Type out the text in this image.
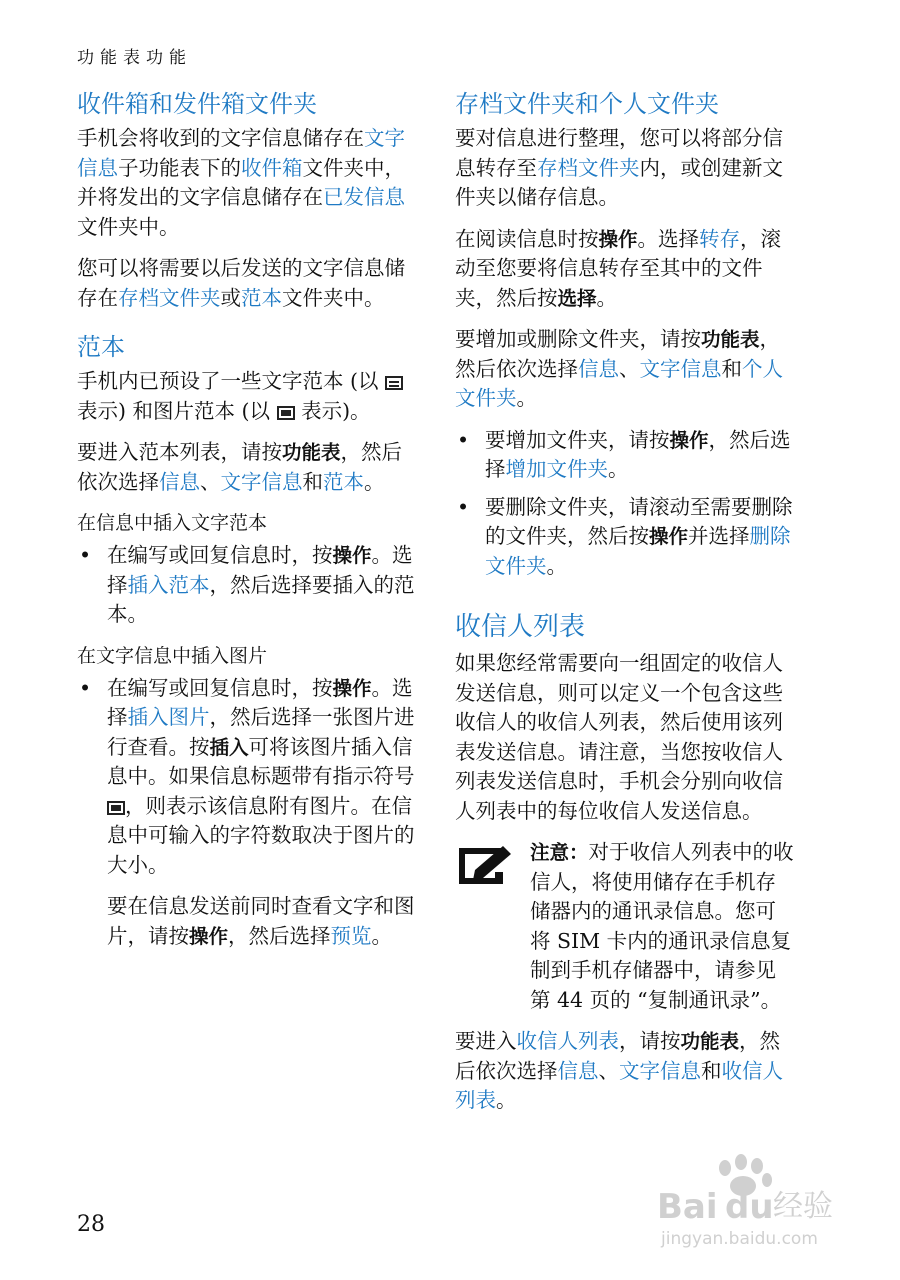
功能表功能
收件箱和发件箱文件夹

手机会将收到的文字信息储存在文字信息子功能表下的收件箱文件夹中，并将发出的文字信息储存在已发信息文件夹中。

您可以将需要以后发送的文字信息储存在存档文件夹或范本文件夹中。

范本

手机内已预设了一些文字范本 (以  表示) 和图片范本 (以  表示)。

要进入范本列表，请按功能表，然后依次选择信息、文字信息和范本。

在信息中插入文字范本
• 在编写或回复信息时，按操作。选择插入范本，然后选择要插入的范本。
在文字信息中插入图片
• 在编写或回复信息时，按操作。选择插入图片，然后选择一张图片进行查看。按插入可将该图片插入信息中。如果信息标题带有指示符号 ，则表示该信息附有图片。在信息中可输入的字符数取决于图片的大小。

要在信息发送前同时查看文字和图片，请按操作，然后选择预览。

存档文件夹和个人文件夹

要对信息进行整理，您可以将部分信息转存至存档文件夹内，或创建新文件夹以储存信息。

在阅读信息时按操作。选择转存，滚动至您要将信息转存至其中的文件夹，然后按选择。

要增加或删除文件夹，请按功能表，然后依次选择信息、文字信息和个人文件夹。

• 要增加文件夹，请按操作，然后选择增加文件夹。
• 要删除文件夹，请滚动至需要删除的文件夹，然后按操作并选择删除文件夹。
收信人列表

如果您经常需要向一组固定的收信人发送信息，则可以定义一个包含这些收信人的收信人列表，然后使用该列表发送信息。请注意，当您按收信人列表发送信息时，手机会分别向收信人列表中的每位收信人发送信息。

注意：对于收信人列表中的收信人，将使用储存在手机存储器内的通讯录信息。您可将 SIM 卡内的通讯录信息复制到手机存储器中，请参见第 44 页的 “复制通讯录”。

要进入收信人列表，请按功能表，然后依次选择信息、文字信息和收信人列表。

28	Bai du 经验
jingyan.baidu.com
